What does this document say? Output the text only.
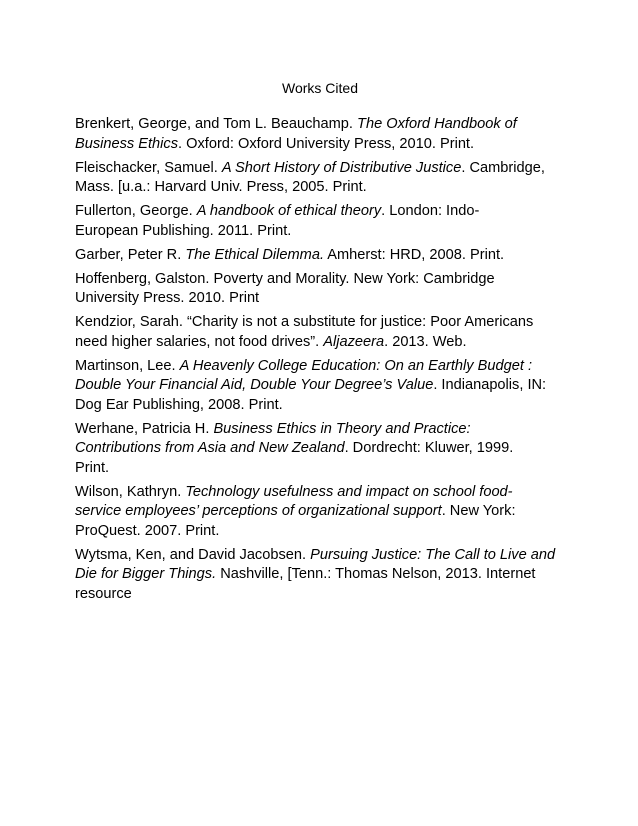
Works Cited
Brenkert, George, and Tom L. Beauchamp. The Oxford Handbook of
Business Ethics. Oxford: Oxford University Press, 2010. Print.
Fleischacker, Samuel. A Short History of Distributive Justice. Cambridge,
Mass. [u.a.: Harvard Univ. Press, 2005. Print.
Fullerton, George. A handbook of ethical theory. London: Indo-
European Publishing. 2011. Print.
Garber, Peter R. The Ethical Dilemma. Amherst: HRD, 2008. Print.
Hoffenberg, Galston. Poverty and Morality. New York: Cambridge
University Press. 2010. Print
Kendzior, Sarah. “Charity is not a substitute for justice: Poor Americans
need higher salaries, not food drives”. Aljazeera. 2013. Web.
Martinson, Lee. A Heavenly College Education: On an Earthly Budget :
Double Your Financial Aid, Double Your Degree’s Value. Indianapolis, IN:
Dog Ear Publishing, 2008. Print.
Werhane, Patricia H. Business Ethics in Theory and Practice:
Contributions from Asia and New Zealand. Dordrecht: Kluwer, 1999.
Print.
Wilson, Kathryn. Technology usefulness and impact on school food-
service employees’ perceptions of organizational support. New York:
ProQuest. 2007. Print.
Wytsma, Ken, and David Jacobsen. Pursuing Justice: The Call to Live and
Die for Bigger Things. Nashville, [Tenn.: Thomas Nelson, 2013. Internet
resource
